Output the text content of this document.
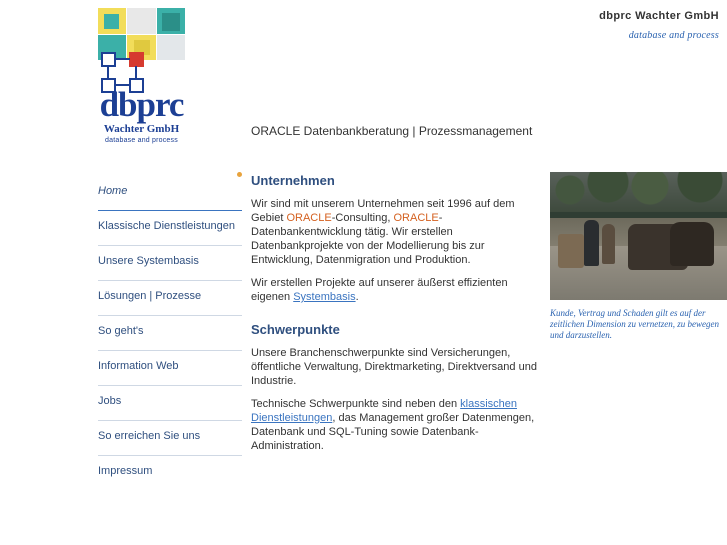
dbprc Wachter GmbH
database and process
dbprc
Wachter GmbH
database and process
ORACLE Datenbankberatung | Prozessmanagement
Home
Klassische Dienstleistungen
Unsere Systembasis
Lösungen | Prozesse
So geht's
Information Web
Jobs
So erreichen Sie uns
Impressum
Unternehmen

Wir sind mit unserem Unternehmen seit 1996 auf dem Gebiet ORACLE-Consulting, ORACLE-Datenbankentwicklung tätig. Wir erstellen Datenbankprojekte von der Modellierung bis zur Entwicklung, Datenmigration und Produktion.

Wir erstellen Projekte auf unserer äußerst effizienten eigenen Systembasis.

Schwerpunkte

Unsere Branchenschwerpunkte sind Versicherungen, öffentliche Verwaltung, Direktmarketing, Direktversand und Industrie.

Technische Schwerpunkte sind neben den klassischen Dienstleistungen, das Management großer Datenmengen, Datenbank und SQL-Tuning sowie Datenbank-Administration.

Kunde, Vertrag und Schaden gilt es auf der zeitlichen Dimension zu vernetzen, zu bewegen und darzustellen.
